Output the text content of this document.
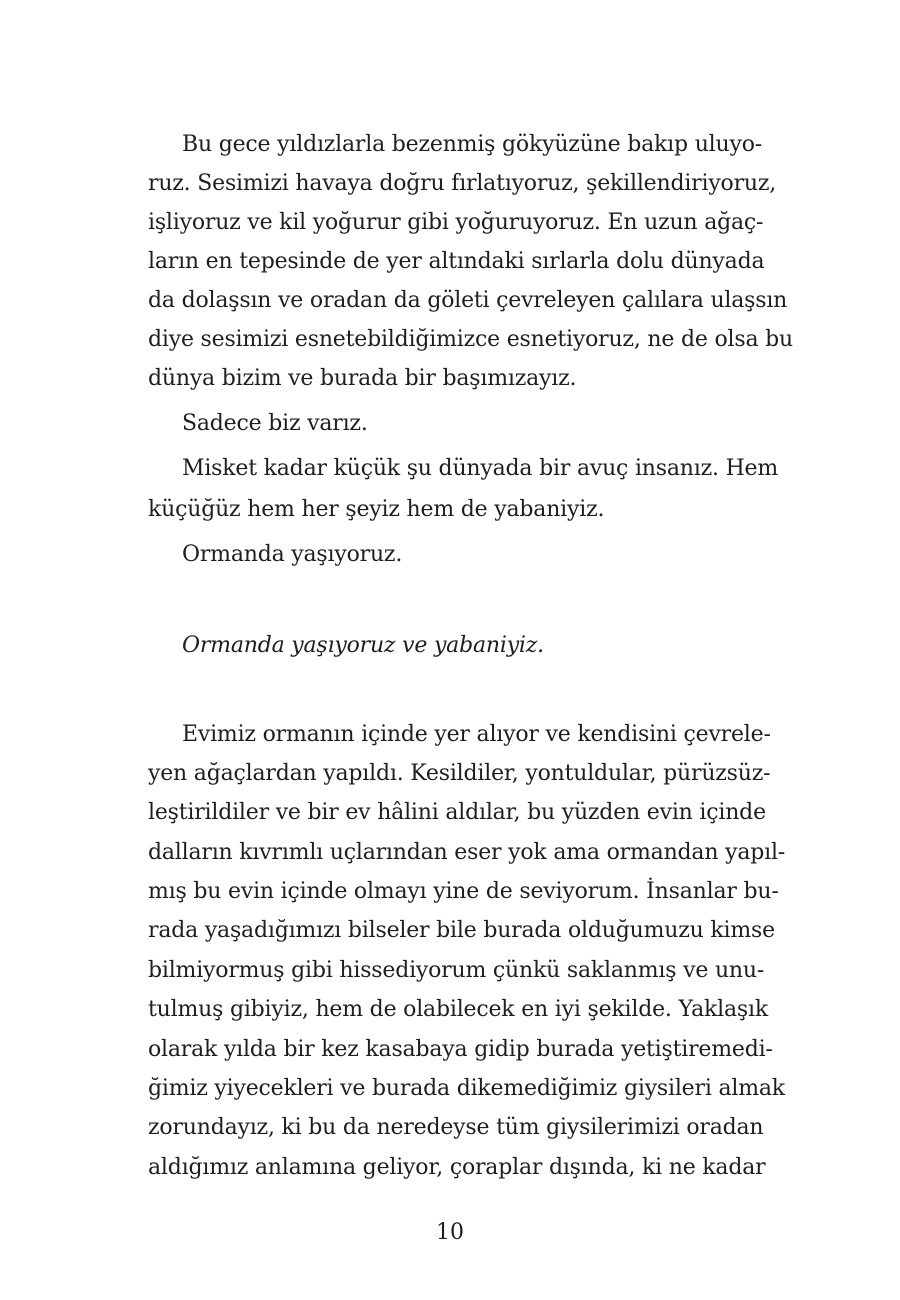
Bu gece yıldızlarla bezenmiş gökyüzüne bakıp uluyo-
ruz. Sesimizi havaya doğru fırlatıyoruz, şekillendiriyoruz,
işliyoruz ve kil yoğurur gibi yoğuruyoruz. En uzun ağaç-
ların en tepesinde de yer altındaki sırlarla dolu dünyada
da dolaşsın ve oradan da göleti çevreleyen çalılara ulaşsın
diye sesimizi esnetebildiğimizce esnetiyoruz, ne de olsa bu
dünya bizim ve burada bir başımızayız.
Sadece biz varız.
Misket kadar küçük şu dünyada bir avuç insanız. Hem
küçüğüz hem her şeyiz hem de yabaniyiz.
Ormanda yaşıyoruz.
Ormanda yaşıyoruz ve yabaniyiz.
Evimiz ormanın içinde yer alıyor ve kendisini çevrele-
yen ağaçlardan yapıldı. Kesildiler, yontuldular, pürüzsüz-
leştirildiler ve bir ev hâlini aldılar, bu yüzden evin içinde
dalların kıvrımlı uçlarından eser yok ama ormandan yapıl-
mış bu evin içinde olmayı yine de seviyorum. İnsanlar bu-
rada yaşadığımızı bilseler bile burada olduğumuzu kimse
bilmiyormuş gibi hissediyorum çünkü saklanmış ve unu-
tulmuş gibiyiz, hem de olabilecek en iyi şekilde. Yaklaşık
olarak yılda bir kez kasabaya gidip burada yetiştiremedi-
ğimiz yiyecekleri ve burada dikemediğimiz giysileri almak
zorundayız, ki bu da neredeyse tüm giysilerimizi oradan
aldığımız anlamına geliyor, çoraplar dışında, ki ne kadar
10
